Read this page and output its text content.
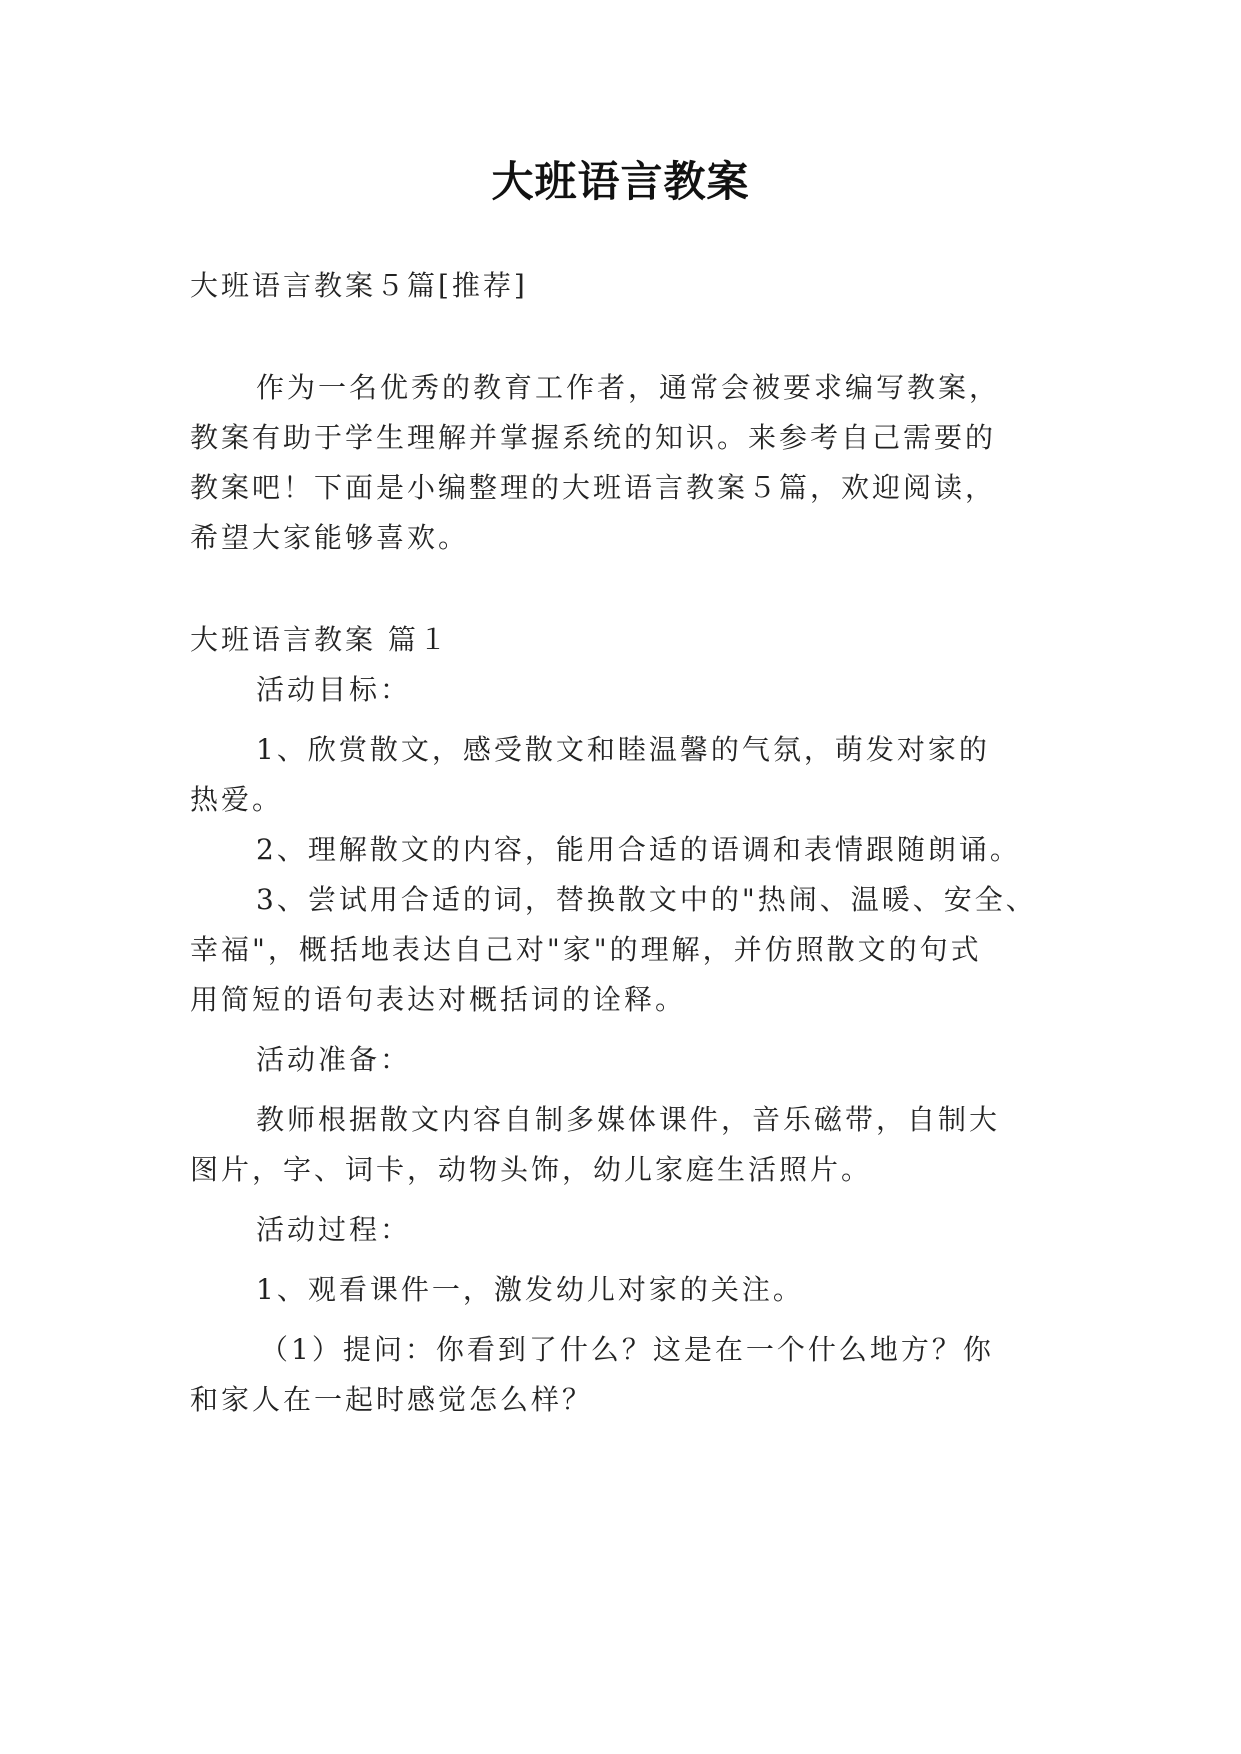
大班语言教案
大班语言教案５篇[推荐]
作为一名优秀的教育工作者，通常会被要求编写教案，
教案有助于学生理解并掌握系统的知识。来参考自己需要的
教案吧！下面是小编整理的大班语言教案５篇，欢迎阅读，
希望大家能够喜欢。
大班语言教案 篇１
活动目标：
1、欣赏散文，感受散文和睦温馨的气氛，萌发对家的
热爱。
2、理解散文的内容，能用合适的语调和表情跟随朗诵。
3、尝试用合适的词，替换散文中的"热闹、温暖、安全、
幸福"，概括地表达自己对"家"的理解，并仿照散文的句式
用简短的语句表达对概括词的诠释。
活动准备：
教师根据散文内容自制多媒体课件，音乐磁带，自制大
图片，字、词卡，动物头饰，幼儿家庭生活照片。
活动过程：
1、观看课件一，激发幼儿对家的关注。
（1）提问：你看到了什么？这是在一个什么地方？你
和家人在一起时感觉怎么样？
